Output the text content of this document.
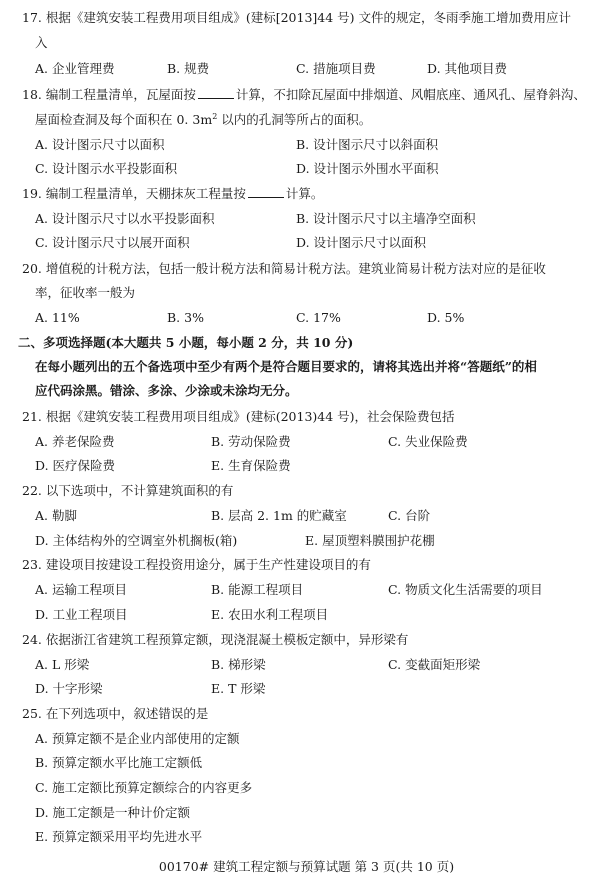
17. 根据《建筑安装工程费用项目组成》(建标[2013]44 号) 文件的规定，冬雨季施工增加费用应计
入
A. 企业管理费	B. 规费	C. 措施项目费	D. 其他项目费
18. 编制工程量清单，瓦屋面按	计算，不扣除瓦屋面中排烟道、风帽底座、通风孔、屋脊斜沟、
屋面检查洞及每个面积在 0. $3m^2$ 以内的孔洞等所占的面积。
A. 设计图示尺寸以面积	B. 设计图示尺寸以斜面积
C. 设计图示水平投影面积	D. 设计图示外围水平面积
19. 编制工程量清单，天棚抹灰工程量按	计算。
A. 设计图示尺寸以水平投影面积	B. 设计图示尺寸以主墙净空面积
C. 设计图示尺寸以展开面积	D. 设计图示尺寸以面积
20. 增值税的计税方法，包括一般计税方法和简易计税方法。建筑业简易计税方法对应的是征收
率，征收率一般为
A. 11%	B. 3%	C. 17%	D. 5%
二、多项选择题(本大题共 5 小题，每小题 2 分，共 10 分)
在每小题列出的五个备选项中至少有两个是符合题目要求的，请将其选出并将“答题纸”的相
应代码涂黑。错涂、多涂、少涂或未涂均无分。
21. 根据《建筑安装工程费用项目组成》(建标(2013)44 号)，社会保险费包括
A. 养老保险费	B. 劳动保险费	C. 失业保险费
D. 医疗保险费	E. 生育保险费
22. 以下选项中，不计算建筑面积的有
A. 勒脚	B. 层高 2. 1m 的贮藏室	C. 台阶
D. 主体结构外的空调室外机搁板(箱)	E. 屋顶塑料膜围护花棚
23. 建设项目按建设工程投资用途分，属于生产性建设项目的有
A. 运输工程项目	B. 能源工程项目	C. 物质文化生活需要的项目
D. 工业工程项目	E. 农田水利工程项目
24. 依据浙江省建筑工程预算定额，现浇混凝土模板定额中，异形梁有
A. L 形梁	B. 梯形梁	C. 变截面矩形梁
D. 十字形梁	E. T 形梁
25. 在下列选项中，叙述错误的是
A. 预算定额不是企业内部使用的定额
B. 预算定额水平比施工定额低
C. 施工定额比预算定额综合的内容更多
D. 施工定额是一种计价定额
E. 预算定额采用平均先进水平
00170# 建筑工程定额与预算试题 第 3 页(共 10 页)
